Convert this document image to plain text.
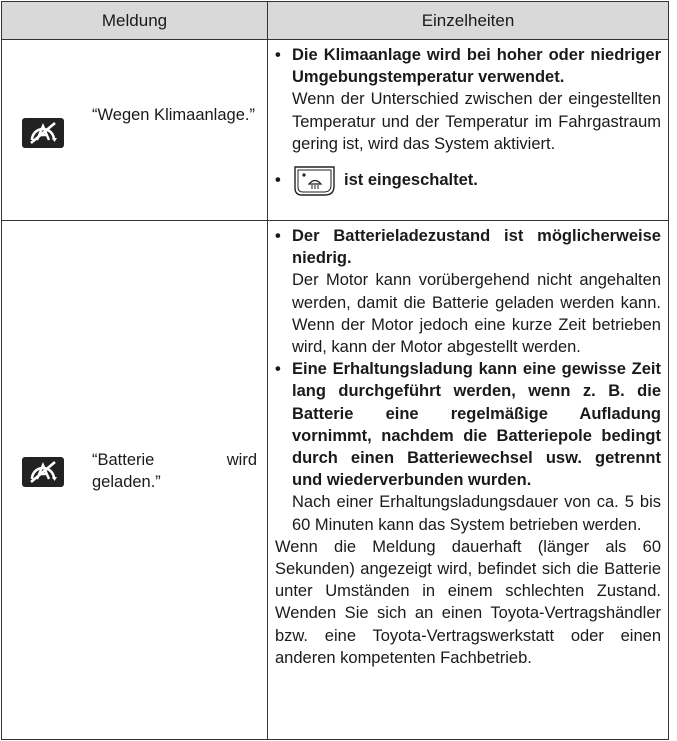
Meldung	Einzelheiten
“Wegen Klimaanlage.”
• Die Klimaanlage wird bei hoher oder niedriger Umgebungstemperatur verwendet.
Wenn der Unterschied zwischen der eingestellten Temperatur und der Temperatur im Fahrgastraum gering ist, wird das System aktiviert.
•	ist eingeschaltet.
“Batterie wird geladen.”
• Der Batterieladezustand ist möglicherweise niedrig.
Der Motor kann vorübergehend nicht angehalten werden, damit die Batterie geladen werden kann. Wenn der Motor jedoch eine kurze Zeit betrieben wird, kann der Motor abgestellt werden.
• Eine Erhaltungsladung kann eine gewisse Zeit lang durchgeführt werden, wenn z. B. die Batterie eine regelmäßige Aufladung vornimmt, nachdem die Batteriepole bedingt durch einen Batteriewechsel usw. getrennt und wiederverbunden wurden.
Nach einer Erhaltungsladungsdauer von ca. 5 bis 60 Minuten kann das System betrieben werden.
Wenn die Meldung dauerhaft (länger als 60 Sekunden) angezeigt wird, befindet sich die Batterie unter Umständen in einem schlechten Zustand. Wenden Sie sich an einen Toyota-Vertragshändler bzw. eine Toyota-Vertragswerkstatt oder einen anderen kompetenten Fachbetrieb.
